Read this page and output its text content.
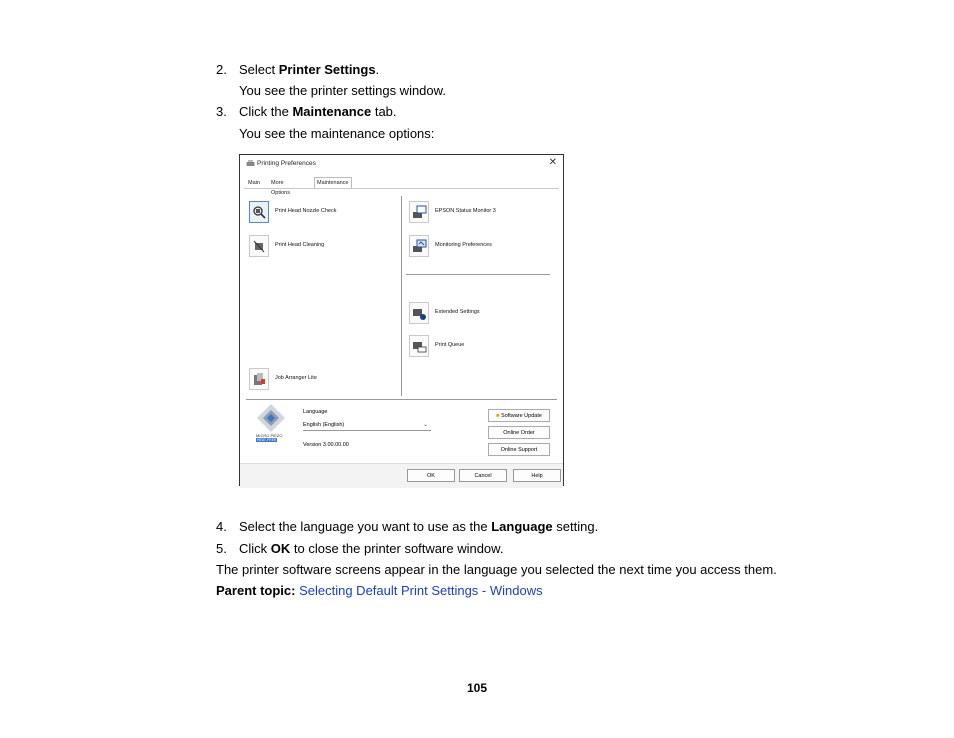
2. Select Printer Settings.
You see the printer settings window.
3. Click the Maintenance tab.
You see the maintenance options:
Printing Preferences	✕
Main	More Options
Maintenance
Print Head Nozzle Check
Print Head Cleaning
Job Arranger Lite
EPSON Status Monitor 3
Monitoring Preferences
Extended Settings
Print Queue
MICRO PIEZO
HEAT-FREE
Language
English (English)	⌄
Version 3.00.00.00
■ Software Update
Online Order
Online Support
OK	Cancel	Help
4. Select the language you want to use as the Language setting.
5. Click OK to close the printer software window.
The printer software screens appear in the language you selected the next time you access them.
Parent topic: Selecting Default Print Settings - Windows
105
